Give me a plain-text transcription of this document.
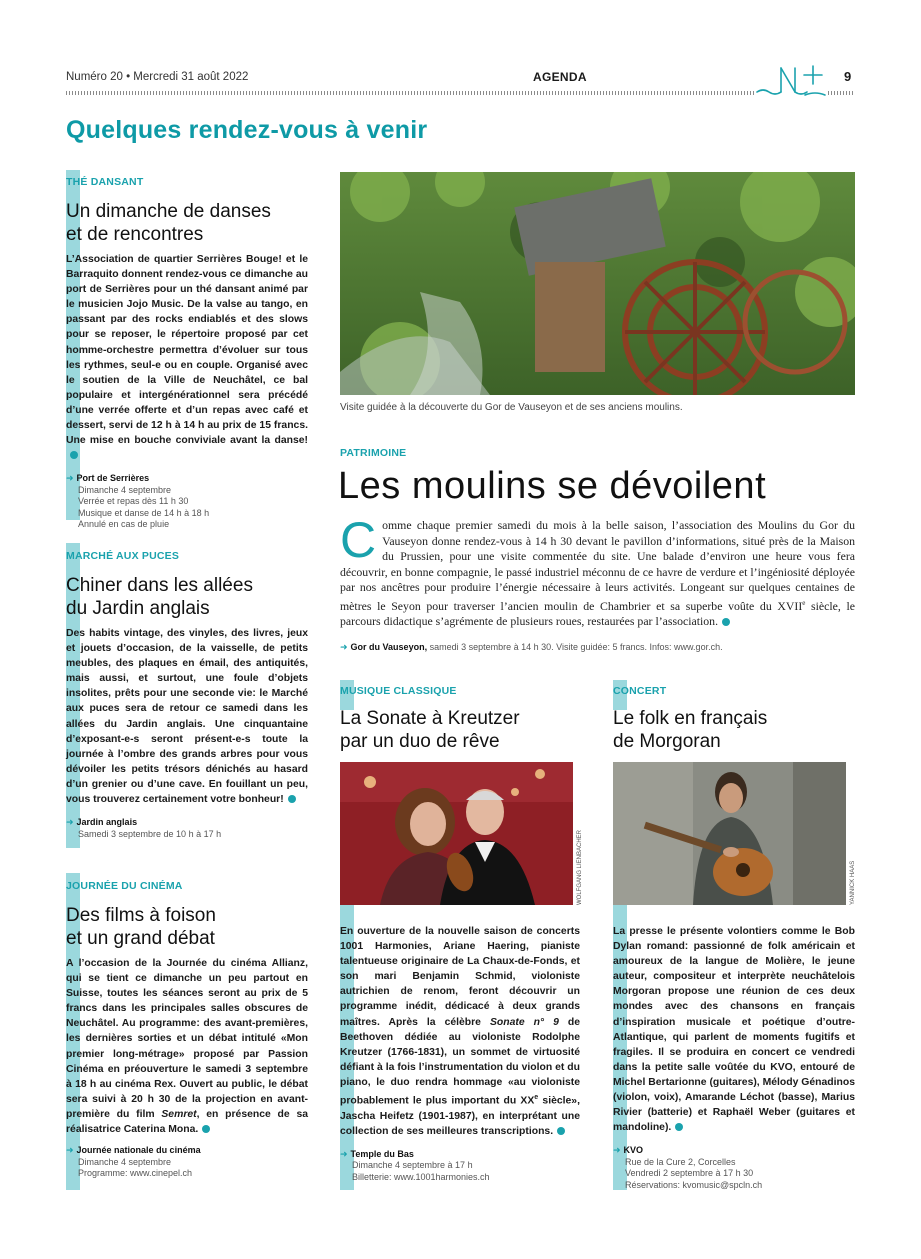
Numéro 20 • Mercredi 31 août 2022	AGENDA	9
Quelques rendez-vous à venir
THÉ DANSANT
Un dimanche de danses
et de rencontres

L’Association de quartier Serrières Bouge! et le Barraquito donnent rendez-vous ce dimanche au port de Serrières pour un thé dansant animé par le musicien Jojo Music. De la valse au tango, en passant par des rocks endiablés et des slows pour se reposer, le répertoire proposé par cet homme-orchestre permettra d’évoluer sur tous les rythmes, seul-e ou en couple. Organisé avec le soutien de la Ville de Neuchâtel, ce bal populaire et intergénérationnel sera précédé d’une verrée offerte et d’un repas avec café et dessert, servi de 12 h à 14 h au prix de 15 francs. Une mise en bouche conviviale avant la danse!

➜ Port de Serrières
Dimanche 4 septembre
Verrée et repas dès 11 h 30
Musique et danse de 14 h à 18 h
Annulé en cas de pluie
MARCHÉ AUX PUCES
Chiner dans les allées
du Jardin anglais

Des habits vintage, des vinyles, des livres, jeux et jouets d’occasion, de la vaisselle, de petits meubles, des plaques en émail, des antiquités, mais aussi, et surtout, une foule d’objets insolites, prêts pour une seconde vie: le Marché aux puces sera de retour ce samedi dans les allées du Jardin anglais. Une cinquantaine d’exposant-e-s seront présent-e-s toute la journée à l’ombre des grands arbres pour vous dévoiler les petits trésors dénichés au hasard d’un grenier ou d’une cave. En fouillant un peu, vous trouverez certainement votre bonheur!

➜ Jardin anglais
Samedi 3 septembre de 10 h à 17 h
JOURNÉE DU CINÉMA
Des films à foison
et un grand débat

A l’occasion de la Journée du cinéma Allianz, qui se tient ce dimanche un peu partout en Suisse, toutes les séances seront au prix de 5 francs dans les principales salles obscures de Neuchâtel. Au programme: des avant-premières, les dernières sorties et un débat intitulé «Mon premier long-métrage» proposé par Passion Cinéma en préouverture le samedi 3 septembre à 18 h au cinéma Rex. Ouvert au public, le débat sera suivi à 20 h 30 de la projection en avant-première du film Semret, en présence de sa réalisatrice Caterina Mona.

➜ Journée nationale du cinéma
Dimanche 4 septembre
Programme: www.cinepel.ch
Visite guidée à la découverte du Gor de Vauseyon et de ses anciens moulins.
PATRIMOINE
Les moulins se dévoilent
Comme chaque premier samedi du mois à la belle saison, l’association des Moulins du Gor du Vauseyon donne rendez-vous à 14 h 30 devant le pavillon d’informations, situé près de la Maison du Prussien, pour une visite commentée du site. Une balade d’environ une heure vous fera découvrir, en bonne compagnie, le passé industriel méconnu de ce havre de verdure et l’ingéniosité déployée par nos ancêtres pour produire l’énergie nécessaire à leurs activités. Longeant sur quelques centaines de mètres le Seyon pour traverser l’ancien moulin de Chambrier et sa superbe voûte du XVIIe siècle, le parcours didactique s’agrémente de plusieurs roues, restaurées par l’association.
➜ Gor du Vauseyon, samedi 3 septembre à 14 h 30. Visite guidée: 5 francs. Infos: www.gor.ch.
MUSIQUE CLASSIQUE
La Sonate à Kreutzer
par un duo de rêve
WOLFGANG LIENBACHER

En ouverture de la nouvelle saison de concerts 1001 Harmonies, Ariane Haering, pianiste talentueuse originaire de La Chaux-de-Fonds, et son mari Benjamin Schmid, violoniste autrichien de renom, feront découvrir un programme inédit, dédicacé à deux grands maîtres. Après la célèbre Sonate n° 9 de Beethoven dédiée au violoniste Rodolphe Kreutzer (1766-1831), un sommet de virtuosité défiant à la fois l’instrumentation du violon et du piano, le duo rendra hommage «au violoniste probablement le plus important du XXe siècle», Jascha Heifetz (1901-1987), en interprétant une collection de ses meilleures transcriptions.

➜ Temple du Bas
Dimanche 4 septembre à 17 h
Billetterie: www.1001harmonies.ch
CONCERT
Le folk en français
de Morgoran
YANNICK HAAS

La presse le présente volontiers comme le Bob Dylan romand: passionné de folk américain et amoureux de la langue de Molière, le jeune auteur, compositeur et interprète neuchâtelois Morgoran propose une réunion de ces deux mondes avec des chansons en français d’inspiration musicale et poétique d’outre-Atlantique, qui parlent de moments fugitifs et fragiles. Il se produira en concert ce vendredi dans la petite salle voûtée du KVO, entouré de Michel Bertarionne (guitares), Mélody Génadinos (violon, voix), Amarande Léchot (basse), Marius Rivier (batterie) et Raphaël Weber (guitares et mandoline).

➜ KVO
Rue de la Cure 2, Corcelles
Vendredi 2 septembre à 17 h 30
Réservations: kvomusic@spcln.ch
